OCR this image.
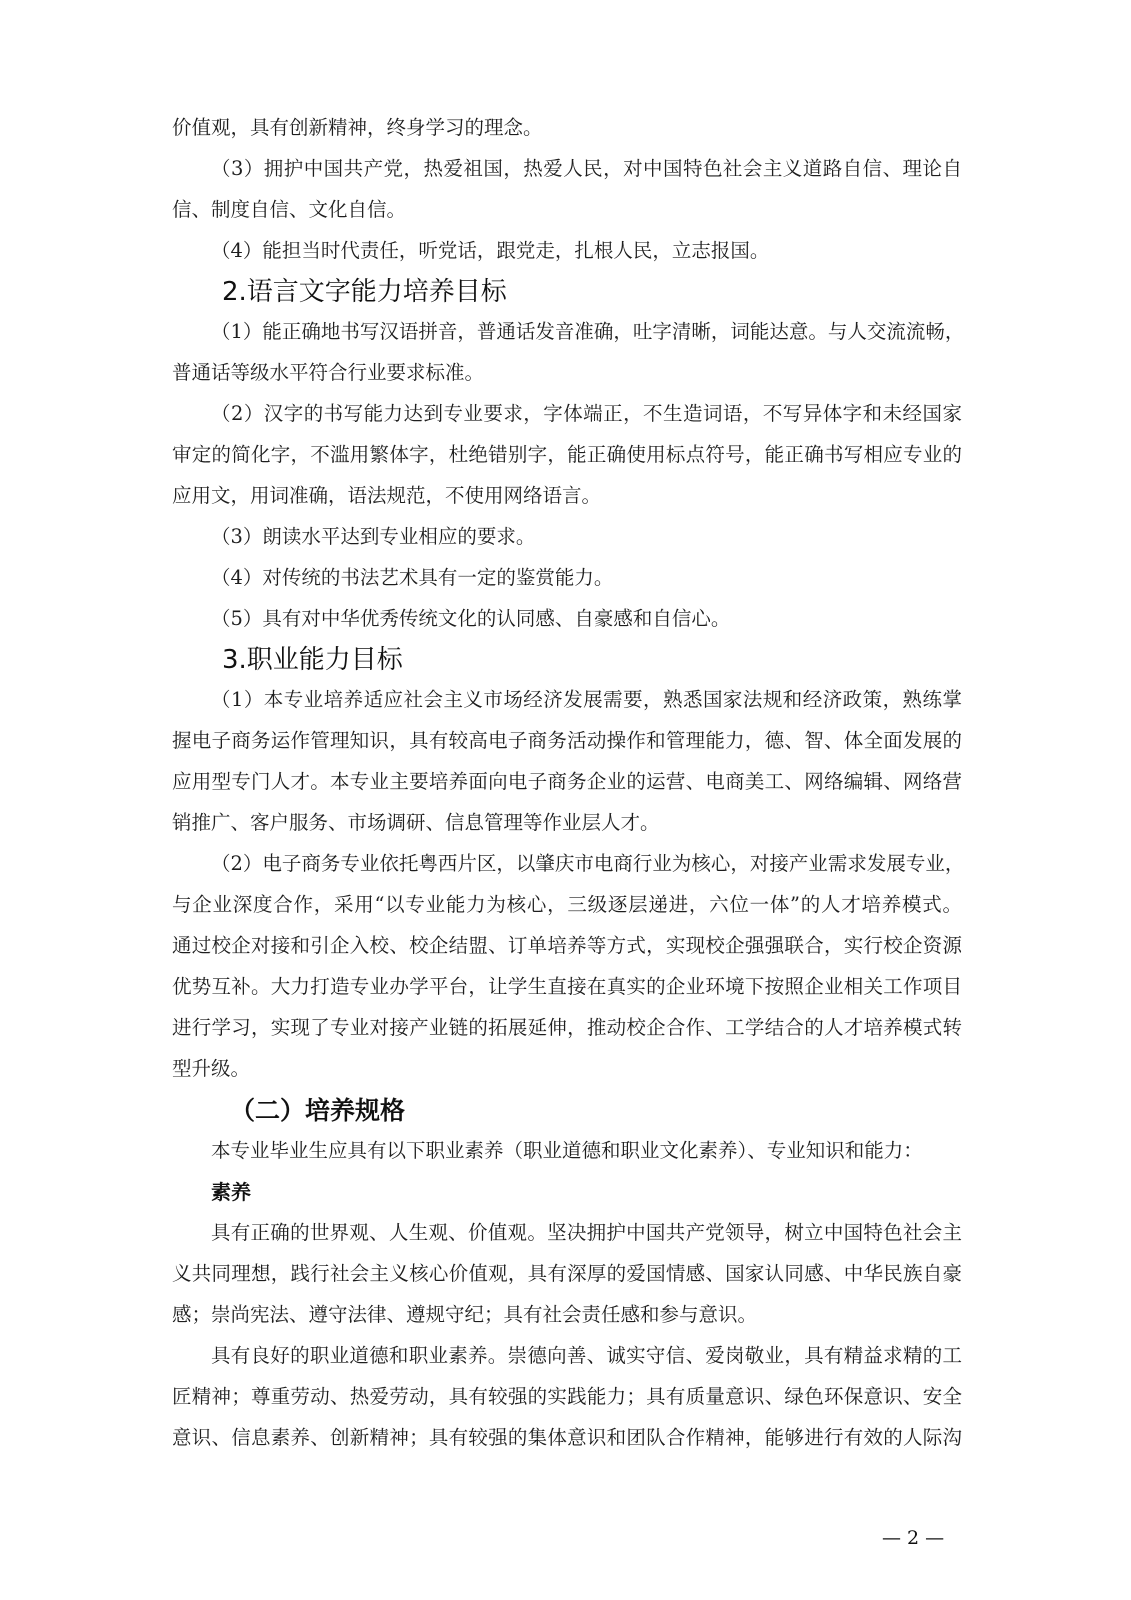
价值观，具有创新精神，终身学习的理念。
（3）拥护中国共产党，热爱祖国，热爱人民，对中国特色社会主义道路自信、理论自
信、制度自信、文化自信。
（4）能担当时代责任，听党话，跟党走，扎根人民，立志报国。
2.语言文字能力培养目标
（1）能正确地书写汉语拼音，普通话发音准确，吐字清晰，词能达意。与人交流流畅，
普通话等级水平符合行业要求标准。
（2）汉字的书写能力达到专业要求，字体端正，不生造词语，不写异体字和未经国家
审定的简化字，不滥用繁体字，杜绝错别字，能正确使用标点符号，能正确书写相应专业的
应用文，用词准确，语法规范，不使用网络语言。
（3）朗读水平达到专业相应的要求。
（4）对传统的书法艺术具有一定的鉴赏能力。
（5）具有对中华优秀传统文化的认同感、自豪感和自信心。
3.职业能力目标
（1）本专业培养适应社会主义市场经济发展需要，熟悉国家法规和经济政策，熟练掌
握电子商务运作管理知识，具有较高电子商务活动操作和管理能力，德、智、体全面发展的
应用型专门人才。本专业主要培养面向电子商务企业的运营、电商美工、网络编辑、网络营
销推广、客户服务、市场调研、信息管理等作业层人才。
（2）电子商务专业依托粤西片区，以肇庆市电商行业为核心，对接产业需求发展专业，
与企业深度合作，采用“以专业能力为核心，三级逐层递进，六位一体”的人才培养模式。
通过校企对接和引企入校、校企结盟、订单培养等方式，实现校企强强联合，实行校企资源
优势互补。大力打造专业办学平台，让学生直接在真实的企业环境下按照企业相关工作项目
进行学习，实现了专业对接产业链的拓展延伸，推动校企合作、工学结合的人才培养模式转
型升级。
（二）培养规格
本专业毕业生应具有以下职业素养（职业道德和职业文化素养）、专业知识和能力：
素养
具有正确的世界观、人生观、价值观。坚决拥护中国共产党领导，树立中国特色社会主
义共同理想，践行社会主义核心价值观，具有深厚的爱国情感、国家认同感、中华民族自豪
感；崇尚宪法、遵守法律、遵规守纪；具有社会责任感和参与意识。
具有良好的职业道德和职业素养。崇德向善、诚实守信、爱岗敬业，具有精益求精的工
匠精神；尊重劳动、热爱劳动，具有较强的实践能力；具有质量意识、绿色环保意识、安全
意识、信息素养、创新精神；具有较强的集体意识和团队合作精神，能够进行有效的人际沟
— 2 —
